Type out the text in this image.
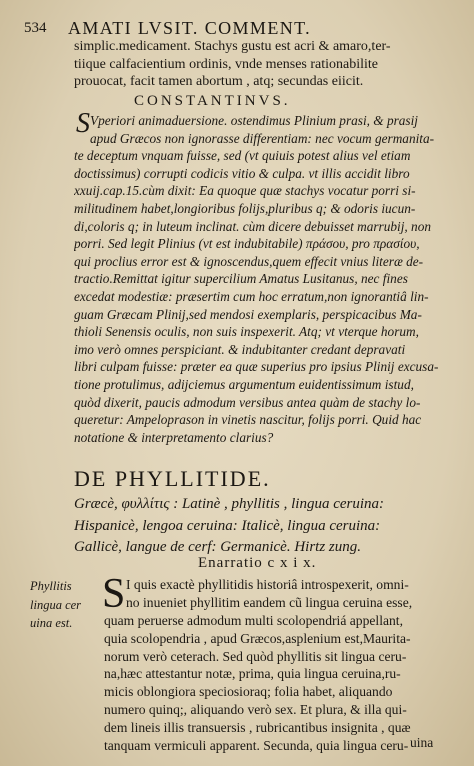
534 AMATI LVSIT. COMMENT.
simplic.medicament. Stachys gustu est acri & amaro,ter-
tiique calfacientium ordinis, vnde menses rationabilite
prouocat, facit tamen abortum , atq; secundas eiicit.
CONSTANTINVS.
S Vperiori animaduersione. ostendimus Plinium prasi, & prasij
apud Græcos non ignorasse differentiam: nec vocum germanita-
te deceptum vnquam fuisse, sed (vt quiuis potest alius vel etiam
doctissimus) corrupti codicis vitio & culpa. vt illis accidit libro
xxuij.cap.15.cùm dixit: Ea quoque quæ stachys vocatur porri si-
militudinem habet,longioribus folijs,pluribus q; & odoris iucun-
di,coloris q; in luteum inclinat. cùm dicere debuisset marrubij, non
porri. Sed legit Plinius (vt est indubitabile) πράσου, pro πρασίου,
qui proclius error est & ignoscendus,quem effecit vnius literæ de-
tractio.Remittat igitur supercilium Amatus Lusitanus, nec fines
excedat modestiæ: præsertim cum hoc erratum,non ignorantiâ lin-
guam Græcam Plinij,sed mendosi exemplaris, perspicacibus Ma-
thioli Senensis oculis, non suis inspexerit. Atq; vt vterque horum,
imo verò omnes perspiciant. & indubitanter credant depravati
libri culpam fuisse: præter ea quæ superius pro ipsius Plinij excusa-
tione protulimus, adijciemus argumentum euidentissimum istud,
quòd dixerit, paucis admodum versibus antea quàm de stachy lo-
queretur: Ampeloprason in vinetis nascitur, folijs porri. Quid hac
notatione & interpretamento clarius?
DE PHYLLITIDE.
Græcè, φυλλίτις : Latinè , phyllitis , lingua ceruina:
Hispanicè, lengoa ceruina: Italicè, lingua ceruina:
Gallicè, langue de cerf: Germanicè. Hirtz zung.
Enarratio c x i x.
Phyllitis
lingua cer
uina est.
S I quis exactè phyllitidis historiâ introspexerit, omni-
no inueniet phyllitim eandem cũ lingua ceruina esse,
quam peruerse admodum multi scolopendriá appellant,
quia scolopendria , apud Græcos,asplenium est,Maurita-
norum verò ceterach. Sed quòd phyllitis sit lingua ceru-
na,hæc attestantur notæ, prima, quia lingua ceruina,ru-
micis oblongiora speciosioraq; folia habet, aliquando
numero quinq;, aliquando verò sex. Et plura, & illa qui-
dem lineis illis transuersis , rubricantibus insignita , quæ
tanquam vermiculi apparent. Secunda, quia lingua ceru- uina
